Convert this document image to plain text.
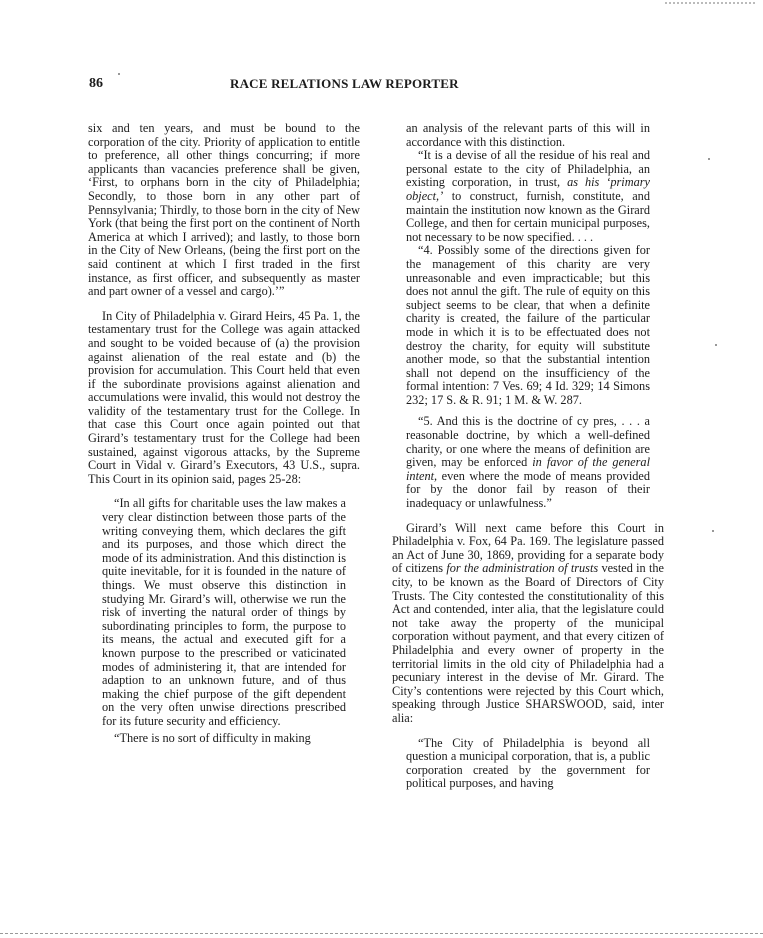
86	RACE RELATIONS LAW REPORTER

six and ten years, and must be bound to the corporation of the city. Priority of application to entitle to preference, all other things concurring; if more applicants than vacancies preference shall be given, ‘First, to orphans born in the city of Philadelphia; Secondly, to those born in any other part of Pennsylvania; Thirdly, to those born in the city of New York (that being the first port on the continent of North America at which I arrived); and lastly, to those born in the City of New Orleans, (being the first port on the said continent at which I first traded in the first instance, as first officer, and subsequently as master and part owner of a vessel and cargo).’”

In City of Philadelphia v. Girard Heirs, 45 Pa. 1, the testamentary trust for the College was again attacked and sought to be voided because of (a) the provision against alienation of the real estate and (b) the provision for accumulation. This Court held that even if the subordinate provisions against alienation and accumulations were invalid, this would not destroy the validity of the testamentary trust for the College. In that case this Court once again pointed out that Girard’s testamentary trust for the College had been sustained, against vigorous attacks, by the Supreme Court in Vidal v. Girard’s Executors, 43 U.S., supra. This Court in its opinion said, pages 25-28:

“In all gifts for charitable uses the law makes a very clear distinction between those parts of the writing conveying them, which declares the gift and its purposes, and those which direct the mode of its administration. And this distinction is quite inevitable, for it is founded in the nature of things. We must observe this distinction in studying Mr. Girard’s will, otherwise we run the risk of inverting the natural order of things by subordinating principles to form, the purpose to its means, the actual and executed gift for a known purpose to the prescribed or vaticinated modes of administering it, that are intended for adaption to an unknown future, and of thus making the chief purpose of the gift dependent on the very often unwise directions prescribed for its future security and efficiency.

“There is no sort of difficulty in making

an analysis of the relevant parts of this will in accordance with this distinction.

“It is a devise of all the residue of his real and personal estate to the city of Philadelphia, an existing corporation, in trust, as his ‘primary object,’ to construct, furnish, constitute, and maintain the institution now known as the Girard College, and then for certain municipal purposes, not necessary to be now specified. . . .

“4. Possibly some of the directions given for the management of this charity are very unreasonable and even impracticable; but this does not annul the gift. The rule of equity on this subject seems to be clear, that when a definite charity is created, the failure of the particular mode in which it is to be effectuated does not destroy the charity, for equity will substitute another mode, so that the substantial intention shall not depend on the insufficiency of the formal intention: 7 Ves. 69; 4 Id. 329; 14 Simons 232; 17 S. & R. 91; 1 M. & W. 287.

“5. And this is the doctrine of cy pres, . . . a reasonable doctrine, by which a well-defined charity, or one where the means of definition are given, may be enforced in favor of the general intent, even where the mode of means provided for by the donor fail by reason of their inadequacy or unlawfulness.”

Girard’s Will next came before this Court in Philadelphia v. Fox, 64 Pa. 169. The legislature passed an Act of June 30, 1869, providing for a separate body of citizens for the administration of trusts vested in the city, to be known as the Board of Directors of City Trusts. The City contested the constitutionality of this Act and contended, inter alia, that the legislature could not take away the property of the municipal corporation without payment, and that every citizen of Philadelphia and every owner of property in the territorial limits in the old city of Philadelphia had a pecuniary interest in the devise of Mr. Girard. The City’s contentions were rejected by this Court which, speaking through Justice SHARSWOOD, said, inter alia:

“The City of Philadelphia is beyond all question a municipal corporation, that is, a public corporation created by the government for political purposes, and having
